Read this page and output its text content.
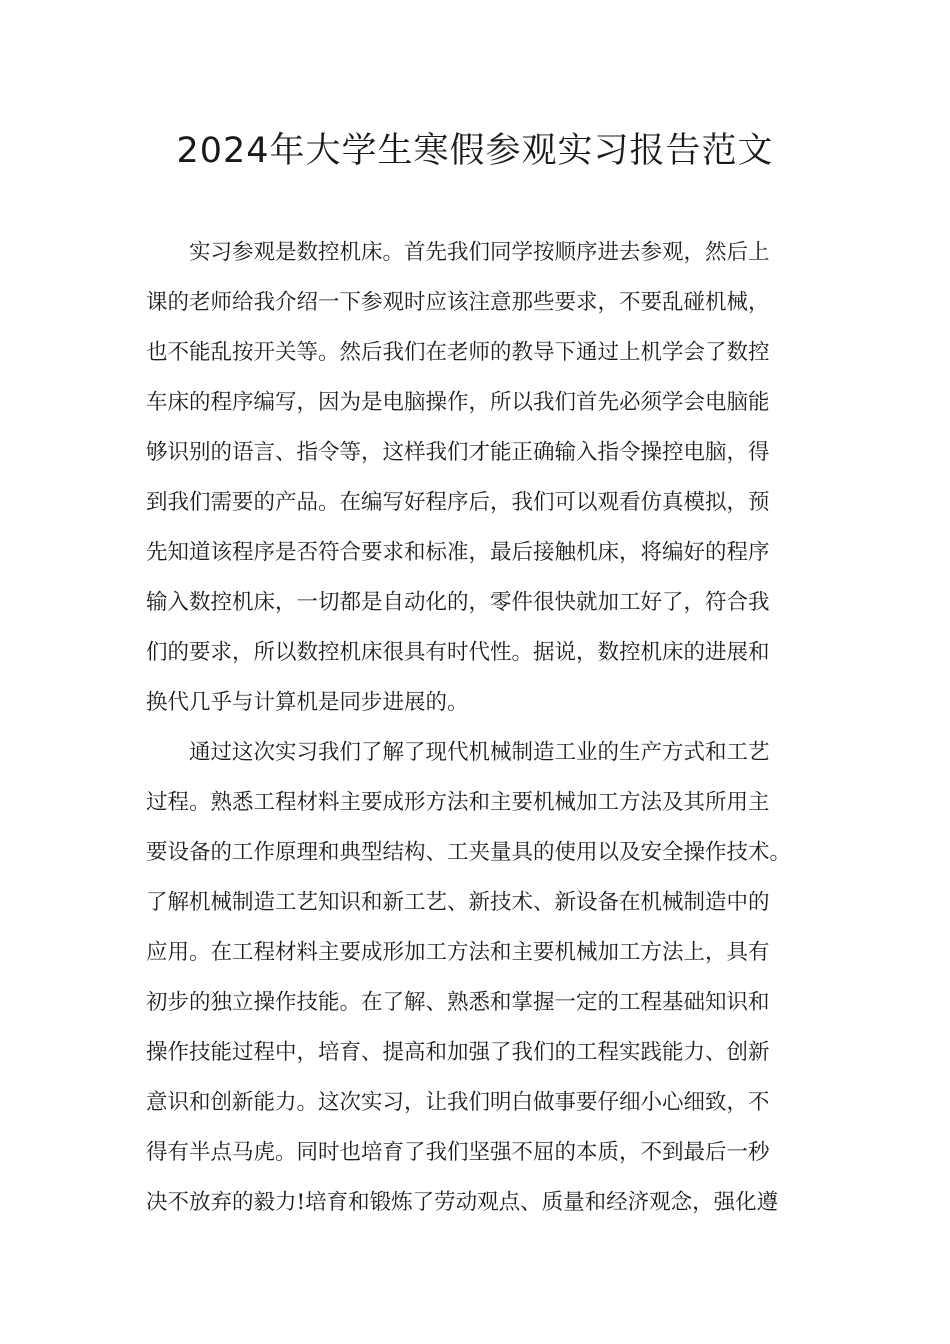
2024年大学生寒假参观实习报告范文
实习参观是数控机床。首先我们同学按顺序进去参观，然后上
课的老师给我介绍一下参观时应该注意那些要求，不要乱碰机械，
也不能乱按开关等。然后我们在老师的教导下通过上机学会了数控
车床的程序编写，因为是电脑操作，所以我们首先必须学会电脑能
够识别的语言、指令等，这样我们才能正确输入指令操控电脑，得
到我们需要的产品。在编写好程序后，我们可以观看仿真模拟，预
先知道该程序是否符合要求和标准，最后接触机床，将编好的程序
输入数控机床，一切都是自动化的，零件很快就加工好了，符合我
们的要求，所以数控机床很具有时代性。据说，数控机床的进展和
换代几乎与计算机是同步进展的。
通过这次实习我们了解了现代机械制造工业的生产方式和工艺
过程。熟悉工程材料主要成形方法和主要机械加工方法及其所用主
要设备的工作原理和典型结构、工夹量具的使用以及安全操作技术。
了解机械制造工艺知识和新工艺、新技术、新设备在机械制造中的
应用。在工程材料主要成形加工方法和主要机械加工方法上，具有
初步的独立操作技能。在了解、熟悉和掌握一定的工程基础知识和
操作技能过程中，培育、提高和加强了我们的工程实践能力、创新
意识和创新能力。这次实习，让我们明白做事要仔细小心细致，不
得有半点马虎。同时也培育了我们坚强不屈的本质，不到最后一秒
决不放弃的毅力!培育和锻炼了劳动观点、质量和经济观念，强化遵
